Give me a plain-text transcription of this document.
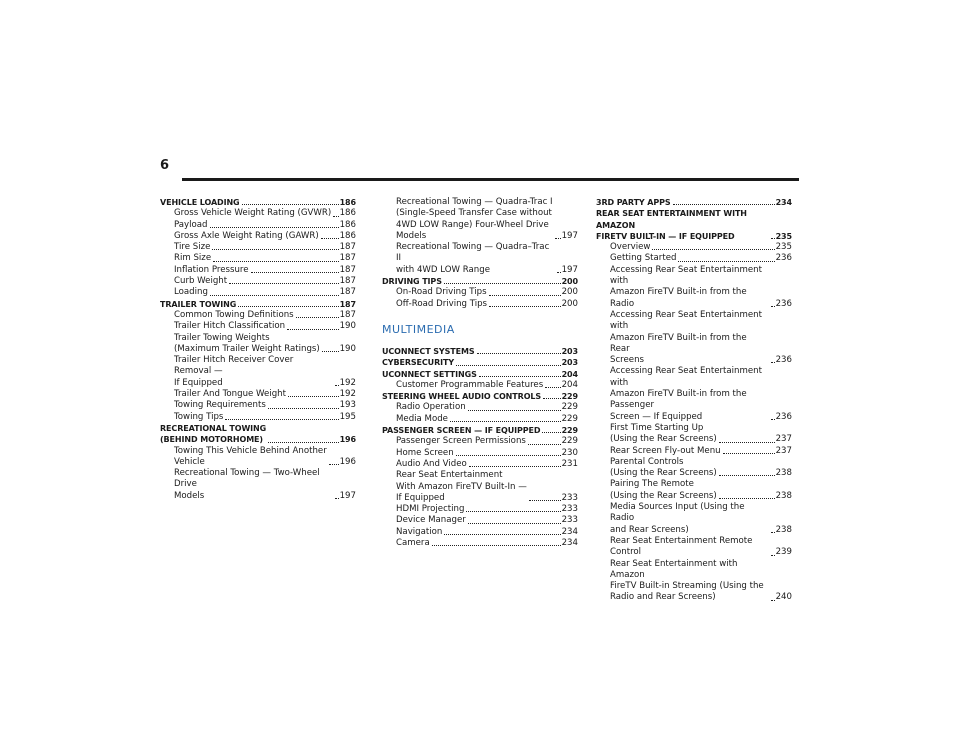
6
VEHICLE LOADING	186
Gross Vehicle Weight Rating (GVWR) 186
Payload	186
Gross Axle Weight Rating (GAWR) 186
Tire Size	187
Rim Size	187
Inflation Pressure	187
Curb Weight	187
Loading	187
TRAILER TOWING	187
Common Towing Definitions	187
Trailer Hitch Classification	190
Trailer Towing Weights
(Maximum Trailer Weight Ratings) 190
Trailer Hitch Receiver Cover Removal —
If Equipped	192
Trailer And Tongue Weight	192
Towing Requirements	193
Towing Tips	195
RECREATIONAL TOWING
(BEHIND MOTORHOME)	196
Towing This Vehicle Behind Another
Vehicle	196
Recreational Towing — Two-Wheel Drive
Models	197
Recreational Towing — Quadra-Trac I
(Single-Speed Transfer Case without
4WD LOW Range) Four-Wheel Drive
Models	197
Recreational Towing — Quadra–Trac II
with 4WD LOW Range	197
DRIVING TIPS	200
On-Road Driving Tips	200
Off-Road Driving Tips	200
MULTIMEDIA
UCONNECT SYSTEMS	203
CYBERSECURITY	203
UCONNECT SETTINGS	204
Customer Programmable Features 204
STEERING WHEEL AUDIO CONTROLS	229
Radio Operation	229
Media Mode	229
PASSENGER SCREEN — IF EQUIPPED	229
Passenger Screen Permissions	229
Home Screen	230
Audio And Video	231
Rear Seat Entertainment
With Amazon FireTV Built-In —
If Equipped	233
HDMI Projecting	233
Device Manager	233
Navigation	234
Camera	234
3RD PARTY APPS	234
REAR SEAT ENTERTAINMENT WITH AMAZON
FIRETV BUILT-IN — IF EQUIPPED	235
Overview	235
Getting Started	236
Accessing Rear Seat Entertainment with
Amazon FireTV Built-in from the Radio	236
Accessing Rear Seat Entertainment with
Amazon FireTV Built-in from the Rear
Screens	236
Accessing Rear Seat Entertainment with
Amazon FireTV Built-in from the Passenger
Screen — If Equipped	236
First Time Starting Up
(Using the Rear Screens)	237
Rear Screen Fly-out Menu	237
Parental Controls
(Using the Rear Screens)	238
Pairing The Remote
(Using the Rear Screens)	238
Media Sources Input (Using the Radio
and Rear Screens)	238
Rear Seat Entertainment Remote Control	239
Rear Seat Entertainment with Amazon
FireTV Built-in Streaming (Using the
Radio and Rear Screens)	240
